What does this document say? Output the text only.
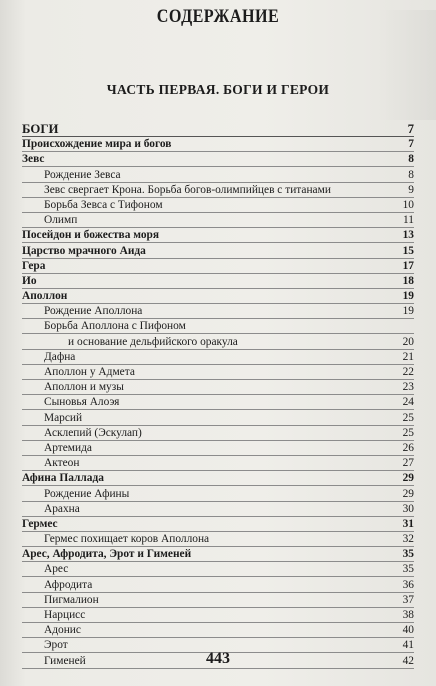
СОДЕРЖАНИЕ
ЧАСТЬ ПЕРВАЯ. БОГИ И ГЕРОИ
БОГИ	7
Происхождение мира и богов	7
Зевс	8
Рождение Зевса	8
Зевс свергает Крона. Борьба богов-олимпийцев с титанами	9
Борьба Зевса с Тифоном	10
Олимп	11
Посейдон и божества моря	13
Царство мрачного Аида	15
Гера	17
Ио	18
Аполлон	19
Рождение Аполлона	19
Борьба Аполлона с Пифоном
и основание дельфийского оракула	20
Дафна	21
Аполлон у Адмета	22
Аполлон и музы	23
Сыновья Алоэя	24
Марсий	25
Асклепий (Эскулап)	25
Артемида	26
Актеон	27
Афина Паллада	29
Рождение Афины	29
Арахна	30
Гермес	31
Гермес похищает коров Аполлона	32
Арес, Афродита, Эрот и Гименей	35
Арес	35
Афродита	36
Пигмалион	37
Нарцисс	38
Адонис	40
Эрот	41
Гименей	42
443
